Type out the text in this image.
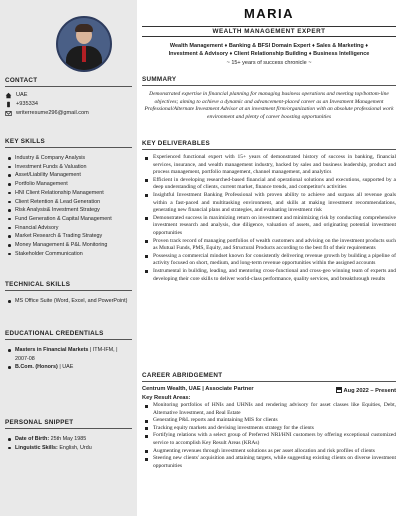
CONTACT
UAE
+935334
writerresume296@gmail.com
KEY SKILLS
Industry & Company Analysis
Investment Funds & Valuation
Asset/Liability Management
Portfolio Management
HNI Client Relationship Management
Client Retention & Lead Generation
Risk Analysis& Investment Strategy
Fund Generation & Capital Management
Financial Advisory
Market Research & Trading Strategy
Money Management & P&L Monitoring
Stakeholder Communication
TECHNICAL SKILLS
MS Office Suite (Word, Excel, and PowerPoint)
EDUCATIONAL CREDENTIALS
Masters in Financial Markets | ITM-IFM, | 2007-08
B.Com. (Honors) | UAE
PERSONAL SNIPPET
Date of Birth: 25th May 1985
Linguistic Skills: English, Urdu
MARIA
WEALTH MANAGEMENT EXPERT
Wealth Management ♦ Banking & BFSI Domain Expert ♦ Sales & Marketing ♦
Investment & Advisory ♦ Client Relationship Building ♦ Business Intelligence
~ 15+ years of success chronicle ~
SUMMARY

Demonstrated expertise in financial planning for managing business operations and meeting top/bottom-line objectives; aiming to achieve a dynamic and advancement-placed career as an Investment Management Professional/Alternate Investment Advisor at an investment firm/organization with an absolute professional work environment and plenty of career boosting opportunities

KEY DELIVERABLES
Experienced functional expert with 15+ years of demonstrated history of success in banking, financial services, insurance, and wealth management industry, backed by sales and business leadership, product and process management, portfolio management, channel management, and analytics
Efficient in developing researched-based financial and operational solutions and executions, supported by a deep understanding of clients, current market, finance trends, and competitor's activities
Insightful Investment Banking Professional with proven ability to achieve and surpass all revenue goals within a fast-paced and multitasking environment, and skills at making investment recommendations, generating new financial plans and strategies, and evaluating investment risk
Demonstrated success in maximizing return on investment and minimizing risk by conducting comprehensive investment research and analysis, due diligence, valuation of assets, and originating potential investment opportunities
Proven track record of managing portfolios of wealth customers and advising on the investment products such as Mutual Funds, PMS, Equity, and Structural Products according to the best fit of their requirements
Possessing a commercial mindset known for consistently delivering revenue growth by building a pipeline of activity focused on short, medium, and long-term revenue opportunities within the assigned accounts
Instrumental in building, leading, and mentoring cross-functional and cross-geo winning team of experts and developing their core skills to deliver world-class performance, quality services, and breakthrough results
CAREER ABRIDGEMENT
Centrum Wealth, UAE | Associate Partner	Aug 2022 – Present
Key Result Areas:
Monitoring portfolios of HNIs and UHNIs and rendering advisory for asset classes like Equities, Debt, Alternative Investment, and Real Estate
Generating P&L reports and maintaining MIS for clients
Tracking equity markets and devising investments strategy for the clients
Fortifying relations with a select group of Preferred NRI/HNI customers by offering exceptional customized service to accomplish Key Result Areas (KRAs)
Augmenting revenues through investment solutions as per asset allocation and risk profiles of clients
Steering new clients' acquisition and attaining targets, while suggesting existing clients on diverse investment opportunities
